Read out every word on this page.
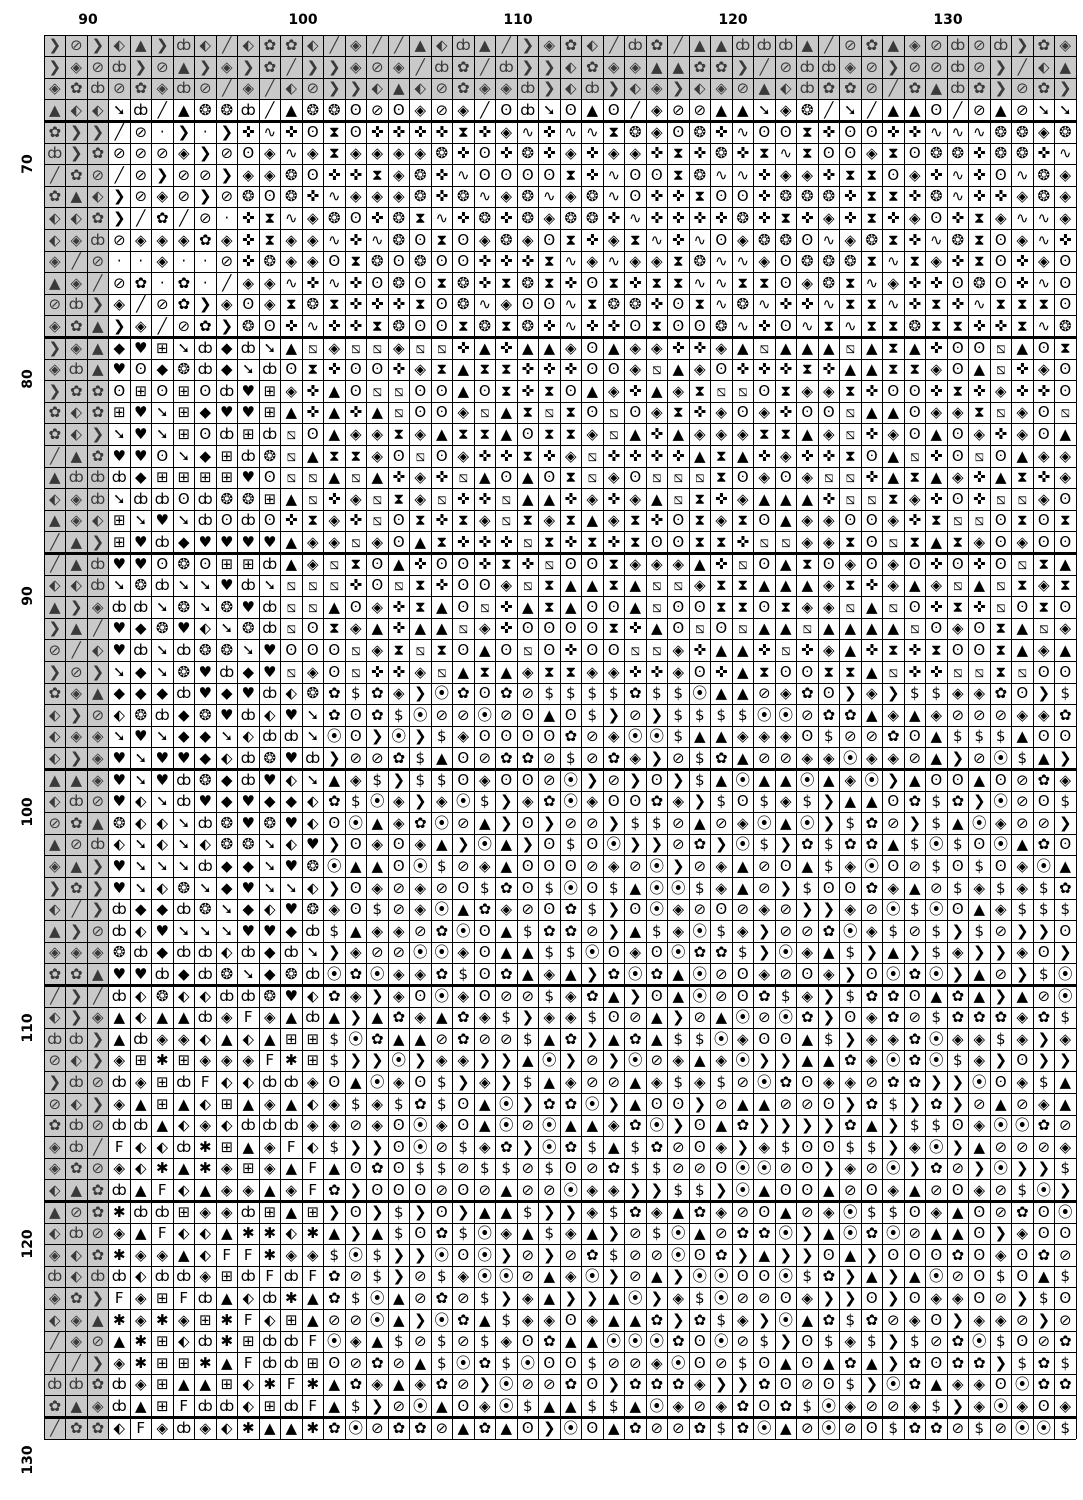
90	100	110	120	130
70
80
90
100
110
120
130
❯ ⊘ ❯ ⬖ ▲ ❯ ȸ ⬖ ╱ ⬖ ✿ ✿ ⬖ ╱ ◈ ╱ ╱ ▲ ⬖ ȸ ▲ ╱ ❯ ◈ ✿ ⬖ ╱ ȸ ✿ ╱ ▲ ▲ ȸ ȸ ȸ ▲ ╱ ⊘ ✿ ▲ ◈ ⊘ ȸ ⊘ ȸ ❯ ✿ ◈
❯ ◈ ⊘ ȸ ❯ ⊘ ▲ ❯ ◈ ❯ ✿ ╱ ❯ ❯ ◈ ⊘ ◈ ╱ ȸ ✿ ╱ ȸ ❯ ❯ ⬖ ✿ ◈ ◈ ▲ ▲ ✿ ✿ ❯ ╱ ⊘ ȸ ȸ ◈ ⊘ ❯ ⊘ ⊘ ȸ ⊘ ❯ ╱ ⬖ ▲
◈ ✿ ȸ ⊘ ✿ ◈ ȸ ⊘ ╱ ◈ ╱ ⬖ ⊘ ❯ ❯ ⬖ ▲ ⬖ ⊘ ✿ ◈ ◈ ȸ ❯ ⬖ ȸ ❯ ⬖ ◈ ❯ ⬖ ◈ ⊘ ▲ ⬖ ȸ ✿ ✿ ⊘ ╱ ✿ ▲ ȸ ✿ ❯ ⊘ ✿ ❯
▲ ⬖ ⬖ ➘ ȸ ╱ ▲ ❂ ❂ ȸ ╱ ▲ ❂ ❂ ʘ ⊘ ʘ ◈ ⊘ ◈ ╱ ʘ ȸ ➘ ʘ ▲ ʘ ╱ ◈ ⊘ ⊘ ▲ ▲ ➘ ◈ ❂ ╱ ➘ ╱ ▲ ▲ ʘ ╱ ⊘ ▲ ⊘ ➘ ➘
✿ ❯ ❯ ╱ ⊘ · ❯ · ❯ ✜ ∿ ✜ ʘ ⧗ ʘ ✜ ✜ ✜ ✜ ⧗ ✜ ◈ ∿ ✜ ∿ ∿ ⧗ ❂ ◈ ʘ ❂ ✜ ∿ ʘ ʘ ⧗ ✜ ʘ ʘ ✜ ✜ ∿ ∿ ∿ ❂ ❂ ◈ ❂
ȸ ❯ ✿ ⊘ ⊘ ⊘ ◈ ❯ ⊘ ʘ ◈ ∿ ◈ ⧗ ◈ ◈ ◈ ◈ ❂ ✜ ʘ ✜ ❂ ✜ ◈ ✜ ◈ ◈ ✜ ⧗ ✜ ❂ ✜ ⧗ ∿ ⧗ ʘ ʘ ◈ ⧗ ʘ ❂ ❂ ✜ ❂ ❂ ✜ ∿
╱ ✿ ⊘ ╱ ⊘ ❯ ⊘ ⊘ ❯ ◈ ◈ ❂ ʘ ✜ ✜ ⧗ ◈ ❂ ✜ ∿ ʘ ʘ ʘ ʘ ⧗ ✜ ∿ ʘ ʘ ⧗ ❂ ∿ ∿ ✜ ◈ ◈ ✜ ⧗ ⧗ ʘ ◈ ✜ ∿ ✜ ʘ ∿ ❂ ◈
✿ ▲ ⬖ ❯ ⊘ ◈ ⊘ ❯ ⊘ ❂ ʘ ❂ ✜ ∿ ◈ ◈ ◈ ❂ ✜ ❂ ∿ ◈ ❂ ∿ ◈ ❂ ∿ ʘ ✜ ✜ ⧗ ʘ ʘ ✜ ❂ ❂ ❂ ✜ ⧗ ⧗ ✜ ❂ ∿ ✜ ✜ ◈ ❂ ◈
⬖ ⬖ ✿ ❯ ╱ ✿ ╱ ⊘ · ✜ ⧗ ∿ ◈ ❂ ʘ ✜ ❂ ⧗ ∿ ✜ ❂ ✜ ❂ ◈ ❂ ❂ ✜ ∿ ✜ ✜ ✜ ✜ ❂ ✜ ⧗ ✜ ◈ ✜ ⧗ ✜ ◈ ʘ ✜ ⧗ ◈ ∿ ∿ ◈
⬖ ◈ ȸ ⊘ ◈ ◈ ◈ ✿ ◈ ✜ ⧗ ◈ ◈ ∿ ✜ ∿ ❂ ʘ ⧗ ʘ ◈ ❂ ◈ ʘ ⧗ ✜ ◈ ⧗ ∿ ✜ ∿ ʘ ◈ ❂ ❂ ʘ ∿ ◈ ❂ ⧗ ✜ ∿ ❂ ⧗ ʘ ◈ ∿ ✜
◈ ╱ ⊘ · · ◈ · · ⊘ ✜ ❂ ◈ ◈ ʘ ⧗ ❂ ʘ ❂ ʘ ʘ ✜ ✜ ✜ ⧗ ∿ ◈ ∿ ◈ ◈ ⧗ ❂ ∿ ∿ ◈ ʘ ❂ ❂ ❂ ⧗ ∿ ⧗ ◈ ✜ ⧗ ʘ ✜ ◈ ʘ
▲ ◈ ╱ ⊘ ✿ · ✿ · ╱ ◈ ◈ ∿ ✜ ∿ ✜ ʘ ❂ ʘ ⧗ ❂ ✜ ⧗ ❂ ⧗ ✜ ʘ ⧗ ✜ ⧗ ⧗ ∿ ∿ ⧗ ⧗ ʘ ◈ ❂ ⧗ ∿ ◈ ✜ ✜ ʘ ❂ ʘ ✜ ∿ ʘ
⊘ ȸ ❯ ◈ ╱ ⊘ ✿ ❯ ◈ ʘ ◈ ⧗ ❂ ⧗ ✜ ✜ ✜ ⧗ ʘ ❂ ∿ ◈ ʘ ʘ ∿ ⧗ ❂ ❂ ✜ ʘ ⧗ ∿ ❂ ∿ ✜ ✜ ∿ ⧗ ⧗ ∿ ✜ ⧗ ✜ ∿ ⧗ ⧗ ⧗ ʘ
◈ ✿ ▲ ❯ ◈ ╱ ⊘ ✿ ❯ ❂ ʘ ✜ ∿ ✜ ✜ ⧗ ❂ ʘ ʘ ⧗ ❂ ⧗ ❂ ✜ ∿ ✜ ✜ ʘ ⧗ ʘ ʘ ❂ ∿ ✜ ʘ ∿ ⧗ ∿ ⧗ ⧗ ❂ ⧗ ⧗ ✜ ✜ ⧗ ∿ ❂
❯ ◈ ▲ ◆ ♥ ⊞ ➘ ȸ ◆ ȸ ➘ ▲ ⧅ ◈ ⧅ ⧅ ◈ ⧅ ⧅ ✜ ▲ ✜ ▲ ▲ ◈ ʘ ▲ ◈ ◈ ✜ ✜ ◈ ▲ ⧅ ▲ ▲ ▲ ⧅ ▲ ⧗ ▲ ✜ ʘ ʘ ⧅ ▲ ʘ ⧗
◈ ȸ ▲ ♥ ʘ ◆ ❂ ȸ ◆ ➘ ȸ ʘ ⧗ ✜ ʘ ʘ ✜ ◈ ⧗ ▲ ⧗ ⧗ ✜ ✜ ✜ ʘ ʘ ◈ ⧅ ▲ ◈ ʘ ✜ ✜ ✜ ⧗ ✜ ▲ ▲ ⧗ ⧗ ◈ ʘ ▲ ⧅ ✜ ◈ ʘ
❯ ✿ ✿ ʘ ⊞ ʘ ⊞ ʘ ȸ ♥ ⊞ ◈ ✜ ▲ ʘ ⧅ ⧅ ʘ ʘ ▲ ʘ ⧗ ✜ ⧗ ʘ ▲ ◈ ✜ ▲ ◈ ⧗ ⧅ ⧅ ʘ ⧗ ◈ ◈ ⧗ ✜ ʘ ʘ ✜ ⧗ ✜ ◈ ✜ ✜ ʘ
✿ ⬖ ✿ ⊞ ♥ ➘ ⊞ ◆ ♥ ♥ ⊞ ▲ ✜ ▲ ✜ ▲ ⧅ ʘ ʘ ◈ ⧅ ▲ ⧗ ⧅ ⧗ ʘ ⧅ ʘ ◈ ⧗ ✜ ◈ ʘ ◈ ✜ ʘ ʘ ⧅ ▲ ▲ ʘ ◈ ◈ ⧗ ⧅ ◈ ʘ ⧅
✿ ⬖ ❯ ➘ ♥ ➘ ⊞ ʘ ȸ ⊞ ȸ ⧅ ʘ ▲ ◈ ◈ ⧗ ◈ ▲ ⧗ ⧗ ▲ ʘ ⧗ ⧗ ◈ ⧅ ▲ ✜ ▲ ◈ ◈ ◈ ⧗ ⧗ ▲ ◈ ⧅ ✜ ◈ ʘ ▲ ʘ ◈ ✜ ◈ ʘ ▲
╱ ▲ ✿ ♥ ♥ ʘ ➘ ◆ ⊞ ȸ ❂ ⧅ ▲ ⧗ ⧗ ◈ ʘ ⧅ ʘ ◈ ✜ ✜ ⧗ ✜ ◈ ⧅ ✜ ✜ ✜ ✜ ▲ ⧗ ▲ ✜ ◈ ✜ ✜ ⧗ ʘ ▲ ⧅ ✜ ʘ ⧅ ʘ ▲ ◈ ◈
▲ ȸ ȸ ȸ ◆ ⊞ ⊞ ⊞ ⊞ ♥ ʘ ⧅ ⧅ ▲ ⧅ ▲ ✜ ◈ ✜ ⧅ ▲ ʘ ▲ ʘ ⧗ ⧅ ◈ ʘ ⧅ ⧅ ⧅ ⧗ ʘ ◈ ʘ ◈ ⧅ ⧅ ✜ ▲ ⧗ ▲ ◈ ✜ ▲ ⧗ ✜ ◈
⬖ ◈ ȸ ➘ ȸ ȸ ʘ ȸ ❂ ❂ ⊞ ▲ ⧅ ✜ ◈ ⧅ ⧗ ◈ ⧅ ✜ ✜ ⧅ ▲ ▲ ✜ ◈ ✜ ◈ ▲ ⧅ ⧗ ✜ ◈ ▲ ▲ ▲ ✜ ⧅ ⧅ ⧗ ◈ ✜ ʘ ✜ ⧅ ⧅ ◈ ʘ
▲ ◈ ⬖ ⊞ ➘ ♥ ➘ ȸ ʘ ȸ ʘ ✜ ⧗ ◈ ✜ ⧅ ʘ ⧗ ✜ ⧗ ◈ ⧅ ⧗ ◈ ⧗ ▲ ◈ ⧗ ✜ ʘ ⧗ ◈ ⧗ ʘ ▲ ◈ ◈ ʘ ʘ ◈ ✜ ⧗ ⧅ ⧅ ʘ ⧗ ʘ ⧗
╱ ▲ ❯ ⊞ ♥ ȸ ◆ ♥ ♥ ♥ ♥ ▲ ◈ ◈ ⧅ ◈ ʘ ▲ ⧗ ✜ ✜ ✜ ⧅ ⧗ ✜ ⧗ ✜ ⧗ ʘ ʘ ⧗ ⧗ ✜ ⧅ ⧅ ◈ ◈ ⧗ ʘ ⧅ ⧗ ▲ ⧗ ◈ ʘ ◈ ʘ ʘ
╱ ▲ ȸ ♥ ♥ ʘ ❂ ʘ ⊞ ⊞ ȸ ▲ ◈ ⧅ ⧗ ʘ ▲ ✜ ʘ ʘ ✜ ⧗ ✜ ⧅ ʘ ʘ ⧗ ◈ ◈ ◈ ▲ ✜ ⧅ ʘ ▲ ⧗ ʘ ◈ ʘ ◈ ʘ ✜ ʘ ✜ ʘ ⧅ ⧗ ▲
⬖ ⬖ ȸ ➘ ❂ ȸ ➘ ➘ ♥ ȸ ➘ ⧅ ⧅ ⧅ ✜ ʘ ⧅ ⧗ ✜ ʘ ʘ ◈ ⧅ ⧗ ▲ ▲ ⧗ ▲ ⧅ ⧅ ◈ ⧗ ⧗ ▲ ▲ ▲ ◈ ⧗ ✜ ◈ ▲ ◈ ⧅ ▲ ⧅ ⧗ ◈ ⧗
▲ ❯ ◈ ȸ ȸ ➘ ❂ ➘ ❂ ♥ ȸ ⧅ ⧅ ▲ ʘ ◈ ✜ ⧗ ▲ ʘ ⧅ ✜ ▲ ⧗ ▲ ʘ ʘ ▲ ⧅ ʘ ʘ ⧗ ⧗ ʘ ⧗ ◈ ◈ ⧅ ▲ ⧅ ʘ ✜ ⧗ ✜ ⧅ ʘ ⧗ ʘ
❯ ▲ ╱ ♥ ◆ ❂ ♥ ⬖ ➘ ❂ ȸ ⧅ ʘ ⧗ ◈ ▲ ✜ ▲ ▲ ⧅ ◈ ✜ ʘ ʘ ʘ ʘ ⧗ ✜ ▲ ʘ ⧅ ʘ ⧅ ▲ ▲ ⧅ ▲ ▲ ▲ ▲ ⧅ ʘ ◈ ʘ ⧗ ▲ ⧅ ◈
⊘ ╱ ⬖ ♥ ȸ ➘ ȸ ❂ ❂ ➘ ♥ ʘ ʘ ʘ ⧅ ◈ ⧗ ⧅ ⧗ ʘ ▲ ʘ ⧅ ʘ ✜ ʘ ʘ ⧅ ⧅ ◈ ✜ ▲ ▲ ✜ ⧅ ✜ ◈ ▲ ✜ ⧗ ✜ ⧗ ʘ ʘ ⧗ ▲ ◈ ▲
❯ ⊘ ❯ ➘ ◆ ➘ ❂ ♥ ȸ ◆ ♥ ⧅ ◈ ʘ ⧅ ✜ ✜ ◈ ⧅ ▲ ⧗ ▲ ◈ ⧗ ⧗ ◈ ◈ ✜ ✜ ◈ ʘ ✜ ▲ ⧗ ʘ ʘ ⧗ ⧗ ▲ ⧅ ✜ ✜ ⧅ ⧅ ⧗ ⧅ ʘ ʘ
✿ ◈ ▲ ◆ ◆ ◆ ȸ ♥ ◆ ♥ ȸ ⬖ ❂ ✿ $ ✿ ◈ ❯ ⦿ ✿ ʘ ✿ ⊘ $ $ $ $ ✿ $ $ ⦿ ▲ ▲ ⊘ ◈ ✿ ʘ ❯ ◈ ❯ $ $ ◈ ◈ ✿ ʘ ❯ $
⬖ ❯ ⊘ ⬖ ❂ ȸ ◆ ❂ ♥ ȸ ⬖ ♥ ➘ ✿ ʘ ✿ $ ⦿ ⊘ ⊘ ⦿ ⊘ ʘ ▲ ʘ $ ❯ ⊘ ❯ $ $ $ $ ⦿ ⦿ ⊘ ✿ ✿ ▲ ◈ ▲ ◈ ⊘ ⊘ ⊘ ◈ ◈ ✿
⬖ ◈ ◈ ➘ ♥ ➘ ◆ ◆ ➘ ⬖ ȸ ȸ ➘ ⦿ ʘ ❯ ⦿ ❯ $ ◈ ʘ ʘ ʘ ʘ ✿ ⊘ ◈ ⦿ ⦿ $ ▲ ▲ ◈ ◈ ◈ ʘ $ ⊘ ⊘ ✿ ʘ ▲ $ $ $ ▲ ʘ ʘ
⬖ ❯ ◈ ♥ ➘ ♥ ♥ ◆ ⬖ ȸ ❂ ♥ ȸ ❯ ⊘ ⊘ ✿ $ ▲ ʘ ⊘ ✿ ✿ ⊘ $ ⊘ ✿ ◈ ❯ ⊘ $ ✿ ▲ ⊘ ⊘ ◈ ◈ ⦿ ◈ ◈ ⊘ ▲ ❯ ⊘ ⦿ $ ▲ ❯
▲ ▲ ◈ ♥ ➘ ♥ ȸ ❂ ◆ ȸ ♥ ⬖ ➘ ▲ ◈ $ ❯ $ $ ʘ ◈ ʘ ʘ ⊘ ⦿ ❯ ⊘ ❯ ʘ ❯ $ ▲ ⦿ ▲ ▲ ⦿ ▲ ◈ ⦿ ❯ ▲ ʘ ʘ ▲ ʘ ⊘ ✿ ◈
⬖ ȸ ⊘ ♥ ⬖ ➘ ȸ ♥ ◆ ♥ ◆ ◆ ⬖ ✿ $ ⦿ ◈ ❯ ◈ ⦿ $ ❯ ◈ ✿ ⦿ ◈ ʘ ʘ ✿ ◈ ❯ $ ʘ $ ◈ $ ❯ ▲ ▲ ʘ ✿ $ ✿ ❯ ⦿ ⊘ ʘ $
⊘ ✿ ▲ ❂ ⬖ ⬖ ➘ ȸ ❂ ♥ ❂ ♥ ⬖ ʘ ⦿ ▲ ◈ ✿ ⦿ ⊘ ▲ ❯ ʘ ❯ ⊘ ⊘ ❯ $ $ ⊘ ▲ ⊘ ◈ ⦿ ▲ ⦿ ❯ $ ✿ ⊘ ❯ $ ▲ ⦿ ◈ ⊘ ⊘ ❯
▲ ⊘ ȸ ⬖ ➘ ⬖ ➘ ⬖ ❂ ❂ ➘ ⬖ ♥ ❯ ʘ ◈ ʘ ◈ ▲ ❯ ⦿ ▲ ❯ ʘ $ ʘ ⦿ ❯ ❯ ⊘ ✿ ❯ ⦿ $ ❯ ✿ $ ✿ ✿ ▲ $ ⦿ $ ʘ ⦿ ▲ ✿ ʘ
◈ ▲ ❯ ♥ ➘ ➘ ➘ ȸ ◆ ◆ ➘ ♥ ❂ ⦿ ▲ ▲ ʘ ⦿ $ ⊘ ◈ ▲ ʘ ʘ ʘ ⊘ ◈ ⊘ ⦿ ❯ ⊘ ◈ ▲ ⊘ ʘ ▲ $ ◈ ⦿ ʘ ⊘ $ ʘ $ ʘ ◈ ⦿ ▲
❯ ✿ ❯ ♥ ➘ ⬖ ❂ ➘ ◆ ♥ ➘ ➘ ⬖ ❯ ʘ ◈ ⊘ ◈ ⊘ ʘ $ ✿ ʘ $ ⦿ ʘ $ ▲ ⦿ ⦿ $ ◈ ▲ ⊘ ❯ $ ʘ ʘ ✿ ◈ ▲ ⊘ $ ◈ $ ◈ $ ✿
⬖ ╱ ❯ ȸ ◆ ◆ ȸ ❂ ➘ ◆ ⬖ ♥ ❂ ◈ ʘ $ ⊘ ◈ ⦿ ▲ ✿ ◈ ⊘ ʘ ✿ $ ❯ ʘ ⦿ ◈ ⊘ ʘ ⊘ ◈ ⊘ ❯ ❯ ◈ ⊘ ⦿ $ ⦿ ʘ ▲ ◈ $ $ $
▲ ❯ ⊘ ȸ ⬖ ♥ ➘ ➘ ➘ ♥ ♥ ◆ ȸ $ ▲ ◈ ◈ ⊘ ✿ ⦿ ʘ ▲ $ ✿ ✿ ⊘ ❯ ▲ $ ◈ ⦿ $ ◈ ❯ ⊘ ⊘ ✿ ⦿ ◈ $ ⊘ $ ❯ $ ⊘ ❯ ❯ ʘ
◈ ◈ ◈ ❂ ȸ ◆ ȸ ȸ ⬖ ȸ ◆ ȸ ➘ ❯ ◈ ⊘ ⊘ ⦿ ⦿ ◈ ʘ ▲ ▲ $ $ ⦿ ʘ ◈ ʘ ⦿ ✿ ✿ $ ❯ ⦿ ◈ ▲ $ ❯ ▲ ❯ $ ◈ ❯ ❯ ◈ ʘ ❯
✿ ✿ ▲ ♥ ♥ ȸ ◆ ȸ ❂ ➘ ◆ ❂ ȸ ⦿ ✿ ⦿ ◈ ◈ ✿ $ ʘ ✿ ▲ ◈ ▲ ❯ ✿ ⦿ ✿ ▲ ⦿ ⊘ ʘ ◈ ⊘ ʘ ◈ ❯ ʘ ⦿ ✿ ⦿ ❯ ▲ ⊘ ❯ $ ⦿
╱ ❯ ╱ ȸ ⬖ ❂ ⬖ ⬖ ȸ ȸ ❂ ♥ ⬖ ✿ ◈ ❯ ◈ ʘ ⦿ ◈ ʘ ⊘ ⊘ $ ◈ ✿ ▲ ❯ ʘ ▲ ⦿ ⊘ ʘ ✿ $ ◈ ❯ $ ✿ ✿ ʘ ▲ ✿ ▲ ❯ ▲ ⊘ ⦿
⬖ ❯ ◈ ▲ ⬖ ▲ ▲ ȸ ◈ F ◈ ▲ ȸ ▲ ❯ ▲ ✿ ◈ ▲ ✿ ◈ $ ❯ ◈ ◈ $ ʘ ⊘ ▲ ❯ ⊘ ▲ ⦿ ⊘ ⦿ ✿ ❯ ʘ ◈ ✿ ⊘ $ ✿ ✿ ✿ ◈ ✿ $
ȸ ȸ ❯ ▲ ȸ ◈ ◈ ⬖ ▲ ⬖ ▲ ⊞ ⊞ $ ⦿ ✿ ▲ ▲ ⊘ ✿ ⊘ ⊘ $ ▲ ✿ ❯ ▲ ✿ ▲ $ $ ⦿ ◈ ʘ ʘ ▲ $ ❯ ◈ ◈ ✿ ⦿ ◈ ◈ $ ◈ ❯ ◈
⊘ ⬖ ❯ ◈ ⊞ ✱ ⊞ ◈ ◈ ◈ F ✱ ⊞ $ ❯ ❯ ⦿ ❯ ◈ ◈ ❯ ❯ ▲ ⦿ ❯ ⊘ ❯ ⦿ ⊘ ◈ ▲ ◈ ⦿ ❯ ❯ ▲ ▲ ✿ ◈ ⦿ ✿ ⦿ $ ◈ ❯ ʘ ❯ ❯
❯ ȸ ⊘ ȸ ◈ ⊞ ȸ F ⬖ ⬖ ȸ ȸ ◈ ʘ ▲ ⦿ ◈ ʘ $ ❯ ◈ ❯ $ ▲ ◈ ⊘ ⊘ ▲ ◈ $ ◈ $ ⊘ ⦿ ✿ ʘ ◈ ◈ ⊘ ✿ ✿ ❯ ❯ ⦿ ʘ ◈ $ ▲
⊘ ⬖ ❯ ◈ ▲ ⊞ ▲ ⬖ ⊞ ▲ ◈ ▲ ⬖ ◈ $ ◈ $ ✿ $ ʘ ▲ ⦿ ❯ ✿ ✿ ⦿ ❯ ▲ ʘ ʘ ❯ ⊘ ▲ ▲ ⊘ ⊘ ʘ ❯ ✿ $ ❯ ✿ ❯ ⊘ ▲ ⊘ ◈ ▲
✿ ȸ ⊘ ȸ ȸ ▲ ⬖ ◈ ⬖ ȸ ȸ ȸ ◈ ◈ ⊘ ◈ ʘ ⦿ ◈ ʘ ▲ ⦿ ⊘ ⦿ ▲ ▲ ◈ ✿ ⦿ ❯ ʘ ▲ ✿ ❯ ❯ ❯ ❯ ✿ ▲ ❯ $ $ ʘ ◈ ⦿ ⦿ ✿ ⊘
◈ ȸ ╱ F ⬖ ⬖ ȸ ✱ ⊞ ▲ ◈ F ⬖ $ ❯ ❯ ʘ ⦿ ⊘ $ ◈ ✿ ❯ ⦿ ✿ $ ▲ $ ✿ ⊘ ʘ ◈ ❯ ◈ $ ʘ ʘ $ $ ❯ ◈ ⦿ ❯ ▲ ⊘ ⊘ ⊘ ◈
◈ ✿ ⊘ ◈ ⬖ ✱ ▲ ✱ ◈ ⊞ ◈ ▲ F ▲ ʘ ✿ ʘ $ $ ⊘ $ $ ⊘ $ ʘ ⊘ ✿ $ $ ⊘ ⊘ ʘ ⦿ ⦿ ⊘ ʘ ❯ ◈ ⊘ ⦿ ❯ ✿ ⊘ ❯ ⦿ ❯ ❯ $
⬖ ▲ ✿ ȸ ▲ F ⬖ ▲ ◈ ◈ ▲ ◈ F ✿ ❯ ʘ ʘ ʘ ⊘ ʘ ⊘ ▲ ⊘ ⊘ ⦿ ◈ ◈ ❯ ❯ $ $ ❯ ⦿ ▲ ʘ ʘ ▲ ⊘ ʘ ◈ ▲ ⊘ ʘ ◈ ⊘ $ ⦿ ❯
▲ ⊘ ✿ ✱ ȸ ȸ ⊞ ◈ ◈ ȸ ⊞ ▲ ⊞ ❯ ʘ ❯ $ ❯ ʘ ❯ ▲ ▲ $ ❯ ❯ ◈ $ ✿ ◈ ▲ ✿ ◈ ⊘ ʘ ▲ ⊘ ◈ ⦿ $ $ ʘ ◈ ▲ ʘ ⊘ ✿ ʘ ⦿
⬖ ȸ ⊘ ◈ ▲ F ⬖ ⬖ ▲ ✱ ✱ ⬖ ✱ ▲ ❯ ▲ $ ʘ ✿ $ ⦿ ◈ ▲ $ ◈ ▲ ❯ ⊘ $ ⦿ ▲ ⊘ ✿ ✿ ⦿ ❯ ▲ ⦿ ✿ ⦿ ⊘ ▲ ▲ ʘ ❯ ◈ ʘ ʘ
◈ ⬖ ✿ ✱ ◈ ◈ ▲ ⬖ F F ✱ ◈ ◈ $ ⦿ $ ❯ ❯ ⦿ ʘ ⦿ ❯ ⊘ ❯ ⊘ ✿ $ ⊘ ⊘ ⦿ ʘ ✿ ❯ ▲ ❯ ❯ ʘ ▲ ❯ ʘ ʘ ʘ ✿ ʘ ◈ ʘ ✿ ⊘
ȸ ⬖ ȸ ȸ ⬖ ȸ ȸ ◈ ⊞ ȸ F ȸ F ✿ ⊘ $ ❯ ⊘ $ ◈ ⦿ ⦿ ⊘ ▲ ◈ ⦿ ❯ ⊘ ▲ ❯ ⦿ ⦿ ʘ ʘ ⦿ $ ✿ ❯ ▲ ❯ ▲ ⦿ ⊘ ʘ $ ʘ ▲ $
◈ ✿ ❯ F ◈ ⊞ F ȸ ▲ ⬖ ȸ ✱ ▲ ✿ $ ⦿ ▲ ⊘ ✿ ⊘ $ ❯ ◈ ▲ ❯ ❯ ▲ ⦿ ❯ ◈ $ ⦿ ⊘ ⊘ ʘ ◈ ❯ ❯ ʘ ❯ ʘ ◈ ◈ ʘ ⊘ ❯ $ ʘ
⬖ ◈ ▲ ✱ ◈ ✱ ◈ ⊞ ✱ F ⬖ ⊞ ▲ ⊘ ⊘ ⦿ ▲ ❯ ⦿ ✿ ▲ $ ◈ ◈ ʘ ◈ ▲ ▲ ✿ ❯ ✿ $ ◈ ❯ ⦿ ▲ ✿ $ ✿ ⊘ ◈ ʘ ❯ ◈ ◈ ⊘ ❯ ⊘
╱ ◈ ⊘ ▲ ✱ ⊞ ⬖ ȸ ✱ ⊞ ȸ ȸ F ⦿ ◈ ▲ $ ⊘ $ ⊘ $ ◈ ʘ ✿ ▲ ▲ ⦿ ⦿ ⦿ ✿ ʘ ⦿ ⊘ $ ❯ ʘ $ ◈ $ ❯ $ ⊘ ✿ ⦿ $ ʘ ⊘ ✿
╱ ╱ ❯ ◈ ✱ ⊞ ⊞ ✱ ▲ F ȸ ȸ ⊞ ʘ ⊘ ✿ ⊘ ▲ $ ⦿ ✿ $ ⦿ ʘ ʘ $ ⊘ ⊘ ◈ ⦿ ʘ ⊘ $ ʘ ▲ ʘ ▲ ✿ ▲ ❯ ✿ ʘ ✿ ✿ ❯ $ ✿ $
ȸ ȸ ✿ ȸ ◈ ⊞ ▲ ▲ ⊞ ⬖ ✱ F ✱ ▲ ✿ ◈ ▲ ◈ ✿ ⊘ ❯ ⦿ ⊘ ⊘ ✿ ʘ ❯ ✿ ✿ ✿ ◈ ❯ ❯ ✿ ʘ ⊘ ʘ $ ❯ ⦿ ✿ ▲ ◈ ◈ ʘ ⦿ ✿ ✿
✿ ▲ ◈ ȸ ▲ ⊞ F ȸ ȸ ⬖ ⊞ ȸ F ▲ $ ❯ ⊘ ⦿ ▲ ʘ ◈ ⦿ $ ▲ ▲ $ $ ▲ ⦿ ◈ ⊘ ◈ ✿ ʘ ✿ $ ⦿ ◈ ⊘ ⊘ ◈ $ ❯ ◈ ⦿ ◈ ʘ ◈
╱ ✿ ✿ ⬖ F ◈ ȸ ◈ ⬖ ✱ ▲ ▲ ✱ ✿ ⦿ ⊘ ✿ ✿ ⊘ ▲ ✿ ▲ ʘ ❯ ⦿ ʘ ▲ ✿ ⊘ ⊘ ✿ $ ✿ ⦿ ▲ ⊘ ⦿ ⊘ ʘ $ ✿ ✿ ⊘ $ ⊘ ⦿ ⦿ $
